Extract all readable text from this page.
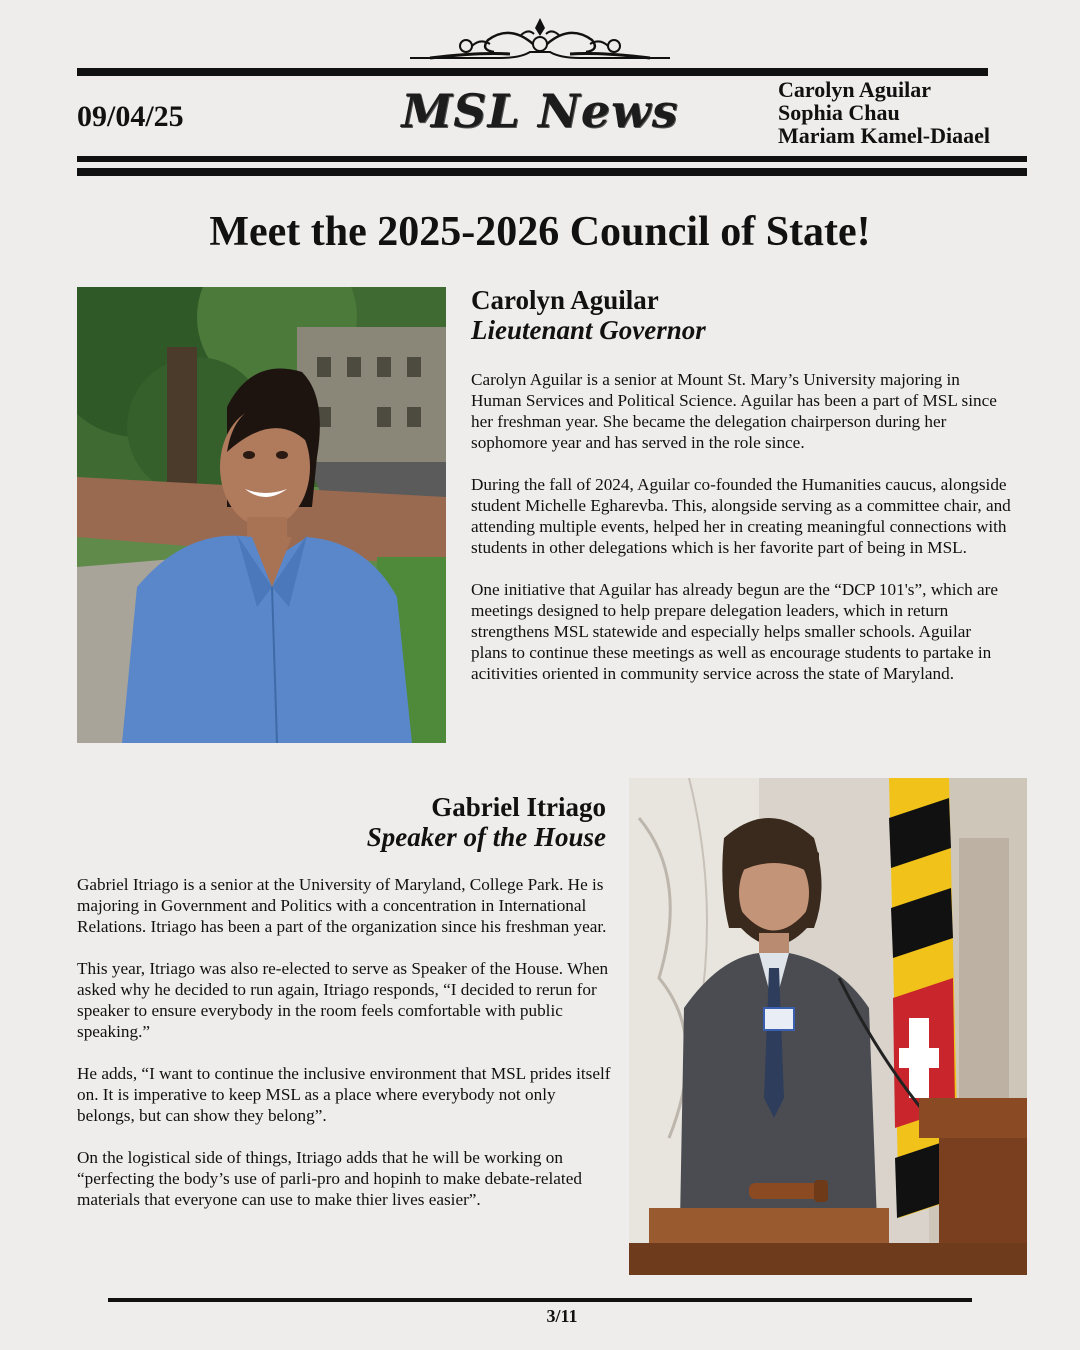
09/04/25	MSL News	Carolyn Aguilar
Sophia Chau
Mariam Kamel-Diaael
Meet the 2025-2026 Council of State!
Carolyn Aguilar
Lieutenant Governor

Carolyn Aguilar is a senior at Mount St. Mary’s University majoring in Human Services and Political Science. Aguilar has been a part of MSL since her freshman year. She became the delegation chairperson during her sophomore year and has served in the role since.

During the fall of 2024, Aguilar co-founded the Humanities caucus, alongside student Michelle Egharevba. This, alongside serving as a committee chair, and attending multiple events, helped her in creating meaningful connections with students in other delegations which is her favorite part of being in MSL.

One initiative that Aguilar has already begun are the “DCP 101's”, which are meetings designed to help prepare delegation leaders, which in return strengthens MSL statewide and especially helps smaller schools. Aguilar plans to continue these meetings as well as encourage students to partake in acitivities oriented in community service across the state of Maryland.

Gabriel Itriago
Speaker of the House

Gabriel Itriago is a senior at the University of Maryland, College Park. He is majoring in Government and Politics with a concentration in International Relations. Itriago has been a part of the organization since his freshman year.

This year, Itriago was also re-elected to serve as Speaker of the House. When asked why he decided to run again, Itriago responds, “I decided to rerun for speaker to ensure everybody in the room feels comfortable with public speaking.”

He adds, “I want to continue the inclusive environment that MSL prides itself on. It is imperative to keep MSL as a place where everybody not only belongs, but can show they belong”.

On the logistical side of things, Itriago adds that he will be working on “perfecting the body’s use of parli-pro and hopinh to make debate-related materials that everyone can use to make thier lives easier”.

3/11
